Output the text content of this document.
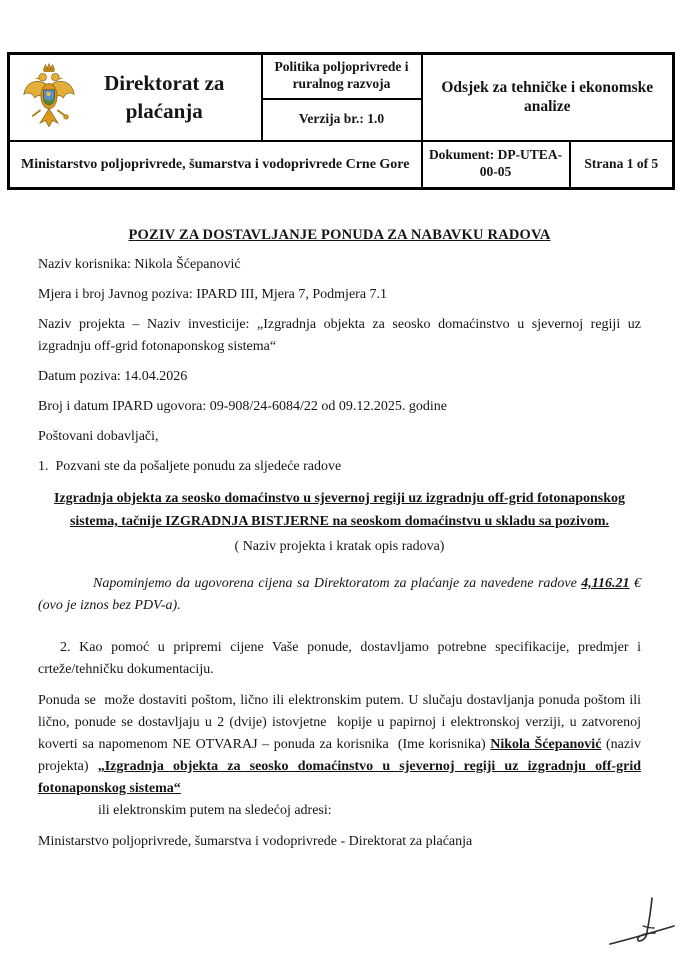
Direktorat za plaćanja	Politika poljoprivrede i ruralnog razvoja	Odsjek za tehničke i ekonomske analize	
	Verzija br.: 1.0		
Ministarstvo poljoprivrede, šumarstva i vodoprivrede Crne Gore		Dokument: DP-UTEA-00-05	Strana 1 of 5
POZIV ZA DOSTAVLJANJE PONUDA ZA NABAVKU RADOVA

Naziv korisnika: Nikola Šćepanović

Mjera i broj Javnog poziva: IPARD III, Mjera 7, Podmjera 7.1

Naziv projekta – Naziv investicije: „Izgradnja objekta za seosko domaćinstvo u sjevernoj regiji uz izgradnju off-grid fotonaponskog sistema“

Datum poziva: 14.04.2026

Broj i datum IPARD ugovora: 09-908/24-6084/22 od 09.12.2025. godine

Poštovani dobavljači,

1.  Pozvani ste da pošaljete ponudu za sljedeće radove

Izgradnja objekta za seosko domaćinstvo u sjevernoj regiji uz izgradnju off-grid fotonaponskog sistema, tačnije IZGRADNJA BISTJERNE na seoskom domaćinstvu u skladu sa pozivom.
( Naziv projekta i kratak opis radova)

Napominjemo da ugovorena cijena sa Direktoratom za plaćanje za navedene radove 4,116.21 € (ovo je iznos bez PDV-a).

2. Kao pomoć u pripremi cijene Vaše ponude, dostavljamo potrebne specifikacije, predmjer i crteže/tehničku dokumentaciju.

Ponuda se  može dostaviti poštom, lično ili elektronskim putem. U slučaju dostavljanja ponuda poštom ili lično, ponude se dostavljaju u 2 (dvije) istovjetne  kopije u papirnoj i elektronskoj verziji, u zatvorenoj koverti sa napomenom NE OTVARAJ – ponuda za korisnika  (Ime korisnika) Nikola Šćepanović (naziv projekta) „Izgradnja objekta za seosko domaćinstvo u sjevernoj regiji uz izgradnju off-grid fotonaponskog sistema“

ili elektronskim putem na sledećoj adresi:

Ministarstvo poljoprivrede, šumarstva i vodoprivrede - Direktorat za plaćanja
